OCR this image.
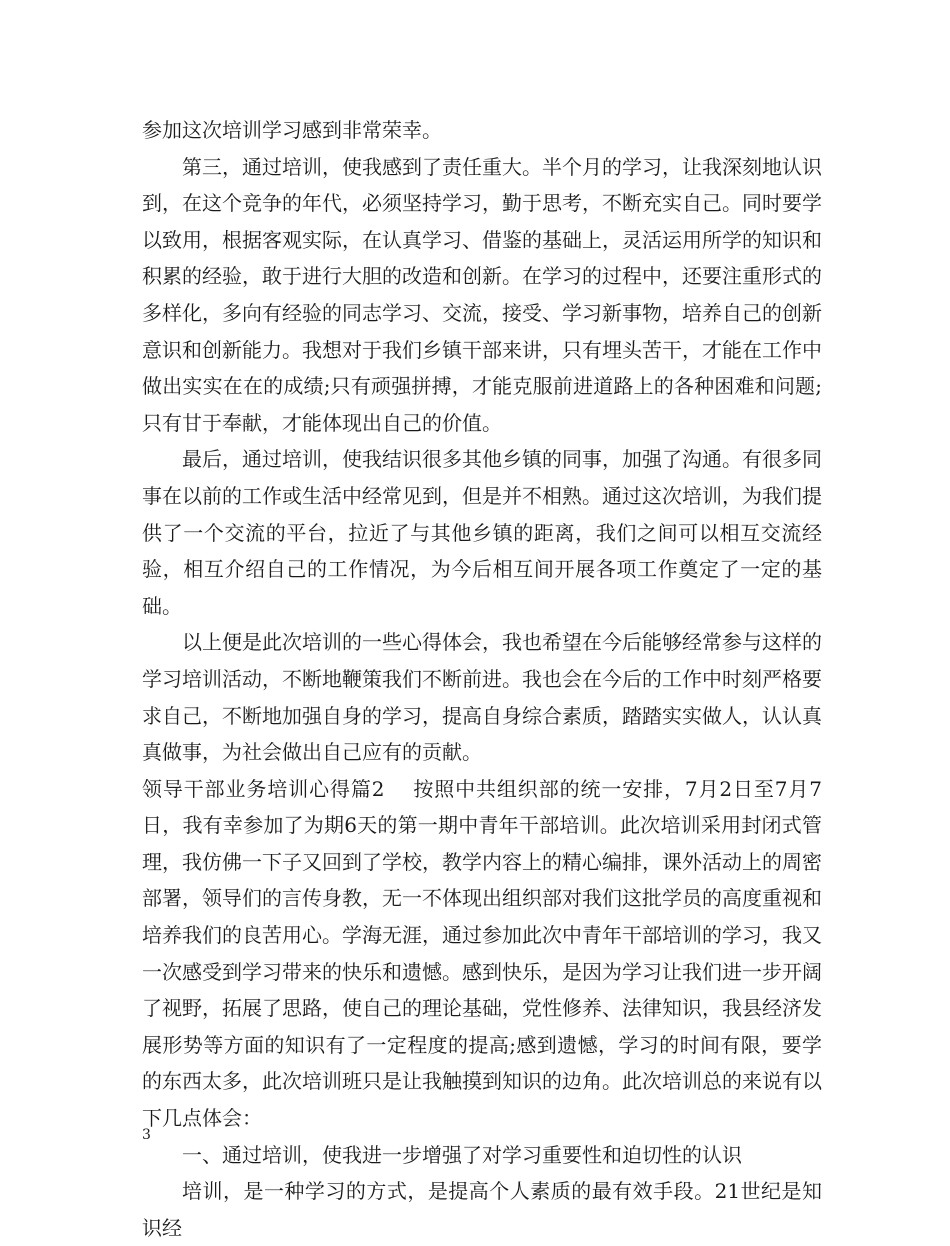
参加这次培训学习感到非常荣幸。

第三，通过培训，使我感到了责任重大。半个月的学习，让我深刻地认识到，在这个竞争的年代，必须坚持学习，勤于思考，不断充实自己。同时要学以致用，根据客观实际，在认真学习、借鉴的基础上，灵活运用所学的知识和积累的经验，敢于进行大胆的改造和创新。在学习的过程中，还要注重形式的多样化，多向有经验的同志学习、交流，接受、学习新事物，培养自己的创新意识和创新能力。我想对于我们乡镇干部来讲，只有埋头苦干，才能在工作中做出实实在在的成绩;只有顽强拼搏，才能克服前进道路上的各种困难和问题;只有甘于奉献，才能体现出自己的价值。

最后，通过培训，使我结识很多其他乡镇的同事，加强了沟通。有很多同事在以前的工作或生活中经常见到，但是并不相熟。通过这次培训，为我们提供了一个交流的平台，拉近了与其他乡镇的距离，我们之间可以相互交流经验，相互介绍自己的工作情况，为今后相互间开展各项工作奠定了一定的基础。

以上便是此次培训的一些心得体会，我也希望在今后能够经常参与这样的学习培训活动，不断地鞭策我们不断前进。我也会在今后的工作中时刻严格要求自己，不断地加强自身的学习，提高自身综合素质，踏踏实实做人，认认真真做事，为社会做出自己应有的贡献。

领导干部业务培训心得篇2 按照中共组织部的统一安排，7月2日至7月7日，我有幸参加了为期6天的第一期中青年干部培训。此次培训采用封闭式管理，我仿佛一下子又回到了学校，教学内容上的精心编排，课外活动上的周密部署，领导们的言传身教，无一不体现出组织部对我们这批学员的高度重视和培养我们的良苦用心。学海无涯，通过参加此次中青年干部培训的学习，我又一次感受到学习带来的快乐和遗憾。感到快乐，是因为学习让我们进一步开阔了视野，拓展了思路，使自己的理论基础，党性修养、法律知识，我县经济发展形势等方面的知识有了一定程度的提高;感到遗憾，学习的时间有限，要学的东西太多，此次培训班只是让我触摸到知识的边角。此次培训总的来说有以下几点体会：

一、通过培训，使我进一步增强了对学习重要性和迫切性的认识

培训，是一种学习的方式，是提高个人素质的最有效手段。21世纪是知识经

3
